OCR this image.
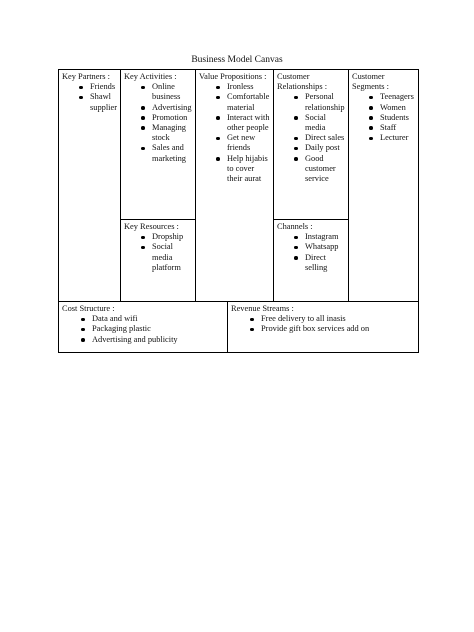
Business Model Canvas
Key Partners :
Friends
Shawl supplier
Key Activities :
Online business
Advertising
Promotion
Managing stock
Sales and marketing
Key Resources :
Dropship
Social media platform
Value Propositions :
Ironless
Comfortable material
Interact with other people
Get new friends
Help hijabis to cover their aurat
Customer Relationships :
Personal relationship
Social media
Direct sales
Daily post
Good customer service
Channels :
Instagram
Whatsapp
Direct selling
Customer Segments :
Teenagers
Women
Students
Staff
Lecturer
Cost Structure :
Data and wifi
Packaging plastic
Advertising and publicity
Revenue Streams :
Free delivery to all inasis
Provide gift box services add on
